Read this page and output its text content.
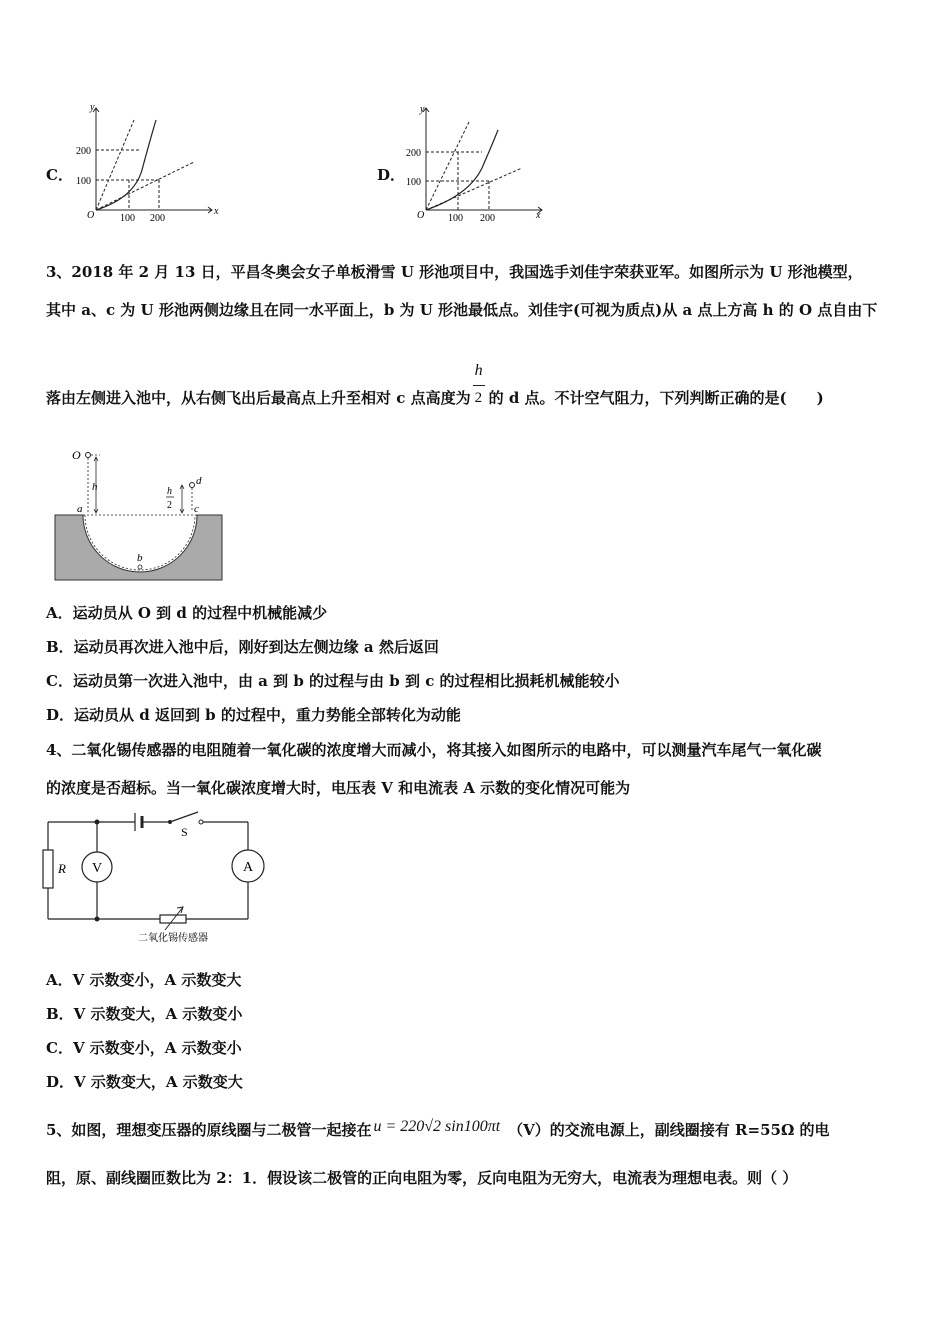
C．
y
x
O
200
100
100 200
D．
y
x
O
200
100
100 200
3、2018 年 2 月 13 日，平昌冬奥会女子单板滑雪 U 形池项目中，我国选手刘佳宇荣获亚军。如图所示为 U 形池模型，
其中 a、c 为 U 形池两侧边缘且在同一水平面上，b 为 U 形池最低点。刘佳宇(可视为质点)从 a 点上方高 h 的 O 点自由下
落由左侧进入池中，从右侧飞出后最高点上升至相对 c 点高度为 $\frac{h}{2}$ 的 d 点。不计空气阻力，下列判断正确的是(　　)
O
h
a
b
c
d
h
2
A．运动员从 O 到 d 的过程中机械能减少
B．运动员再次进入池中后，刚好到达左侧边缘 a 然后返回
C．运动员第一次进入池中，由 a 到 b 的过程与由 b 到 c 的过程相比损耗机械能较小
D．运动员从 d 返回到 b 的过程中，重力势能全部转化为动能
4、二氧化锡传感器的电阻随着一氧化碳的浓度增大而减小，将其接入如图所示的电路中，可以测量汽车尾气一氧化碳
的浓度是否超标。当一氧化碳浓度增大时，电压表 V 和电流表 A 示数的变化情况可能为
R V	A
S
二氧化锡传感器
A．V 示数变小，A 示数变大
B．V 示数变大，A 示数变小
C．V 示数变小，A 示数变小
D．V 示数变大，A 示数变大
5、如图，理想变压器的原线圈与二极管一起接在 u = 220√2 sin100πt （V）的交流电源上，副线圈接有 R=55Ω 的电
阻，原、副线圈匝数比为 2：1．假设该二极管的正向电阻为零，反向电阻为无穷大，电流表为理想电表。则（ ）
